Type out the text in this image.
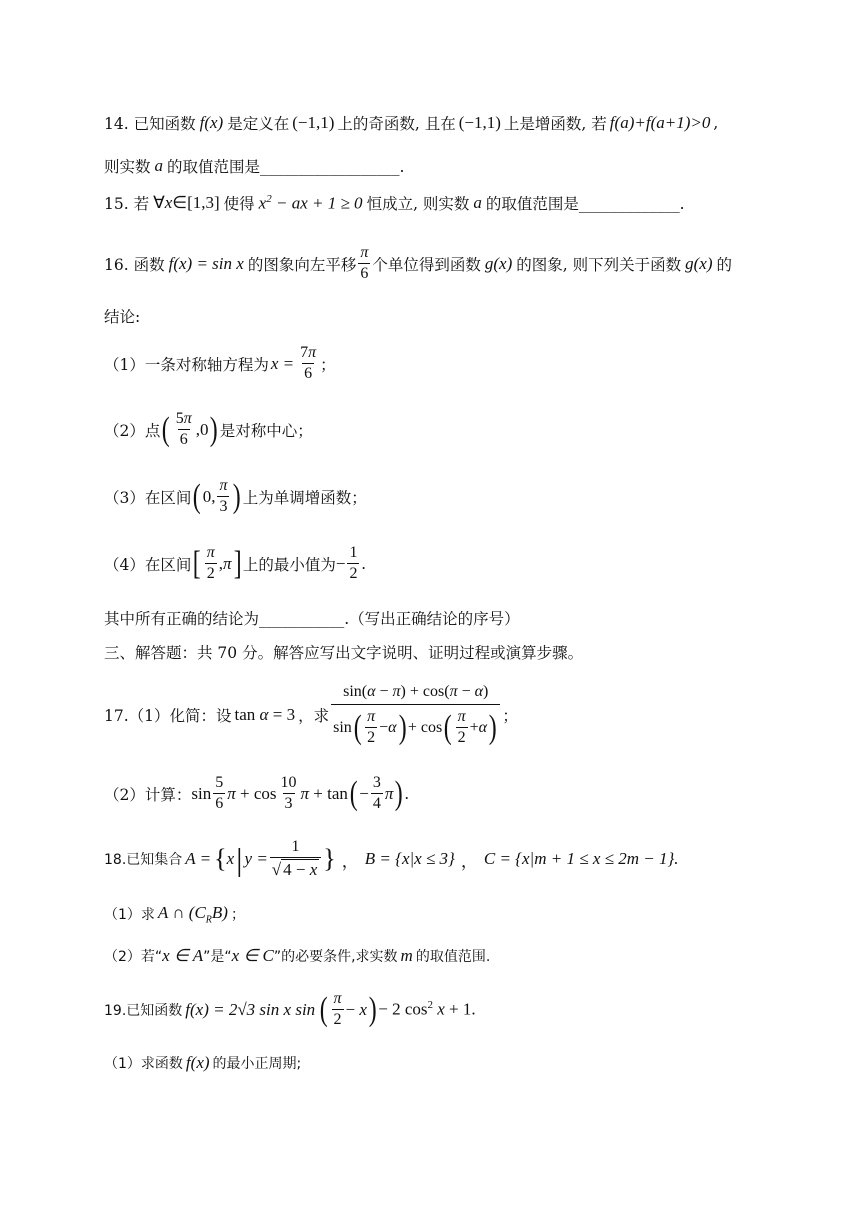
14. 已知函数 f(x) 是定义在 (−1,1) 上的奇函数, 且在 (−1,1) 上是增函数, 若 f(a)+f(a+1)>0 ,
则实数 a 的取值范围是__________________.
15. 若 ∀x∈[1,3] 使得 $x^2$ − ax + 1 ≥ 0 恒成立, 则实数 a 的取值范围是_____________.
16. 函数 f(x) = sin x 的图象向左平移 $\frac{\pi}{6}$ 个单位得到函数 g(x) 的图象, 则下列关于函数 g(x) 的
结论:
（1）一条对称轴方程为 $x = \frac{7\pi}{6}$ ；
（2）点 ( $\frac{5\pi}{6} ,0$ ) 是对称中心；
（3）在区间 ( 0, $\frac{\pi}{3}$ ) 上为单调增函数；
（4）在区间 [ $\frac{\pi}{2} ,\pi$ ] 上的最小值为 − $\frac{1}{2}$ .
其中所有正确的结论为___________.（写出正确结论的序号）
三、解答题：共 70 分。解答应写出文字说明、证明过程或演算步骤。
17.（1）化简：设 tan α = 3 ，求 $\frac{\sin(\alpha - \pi) + \cos(\pi - \alpha)}{\sin ( \frac{\pi}{2} - \alpha ) + \cos ( \frac{\pi}{2} + \alpha )}$ ；
（2）计算： $\sin \frac{5}{6}$ $\pi + \cos \frac{10}{3}$ π + tan ( − $\frac{3}{4}$ π ) .
18.已知集合 A = { x | $y = \frac{1}{√ 4 - x}$ } ， B = {x|x ≤ 3} ， C = {x|m + 1 ≤ x ≤ 2m − 1}.
（1）求 A ∩ $(C_RB)$ ；
（2）若“ x ∈ A ”是“ x ∈ C ”的必要条件,求实数 m 的取值范围.
19.已知函数 f(x) = 2√3 sin x sin ( $\frac{\pi}{2} - x$ ) − 2 $\cos^2 x + 1$.
（1）求函数 f(x) 的最小正周期;
